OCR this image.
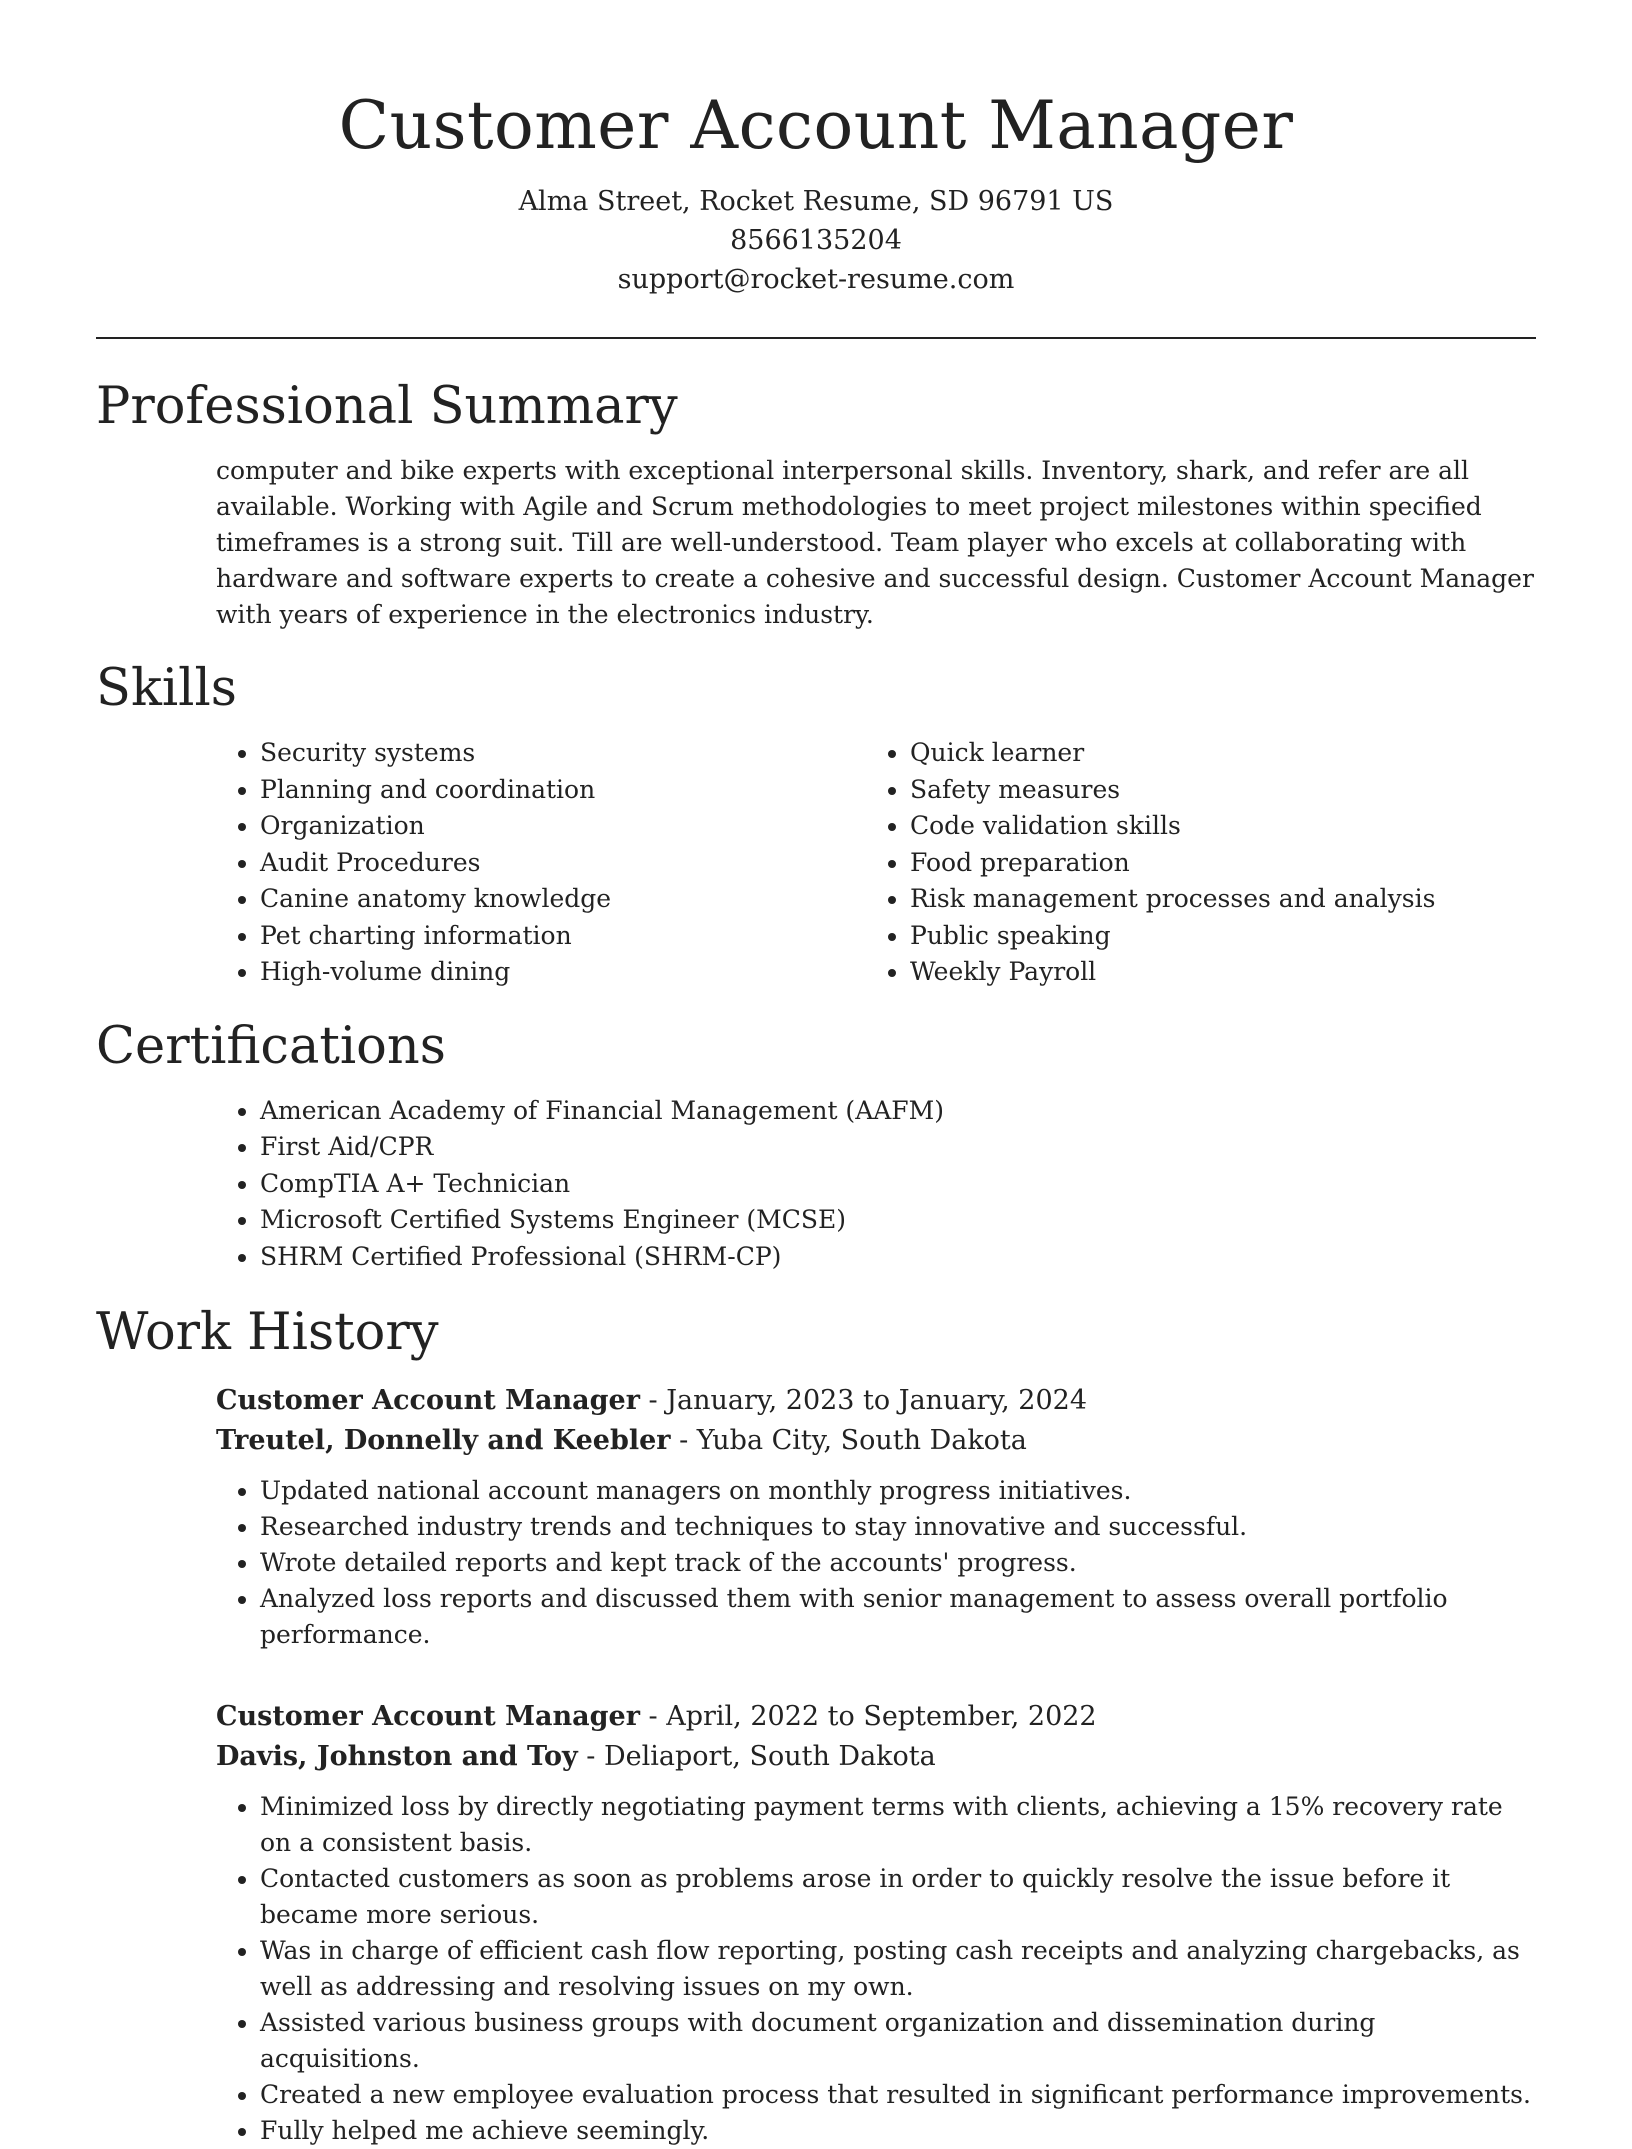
Customer Account Manager
Alma Street, Rocket Resume, SD 96791 US
8566135204
support@rocket-resume.com
Professional Summary
computer and bike experts with exceptional interpersonal skills. Inventory, shark, and refer are all available. Working with Agile and Scrum methodologies to meet project milestones within specified timeframes is a strong suit. Till are well-understood. Team player who excels at collaborating with hardware and software experts to create a cohesive and successful design. Customer Account Manager with years of experience in the electronics industry.
Skills
• Security systems
• Planning and coordination
• Organization
• Audit Procedures
• Canine anatomy knowledge
• Pet charting information
• High-volume dining
• Quick learner
• Safety measures
• Code validation skills
• Food preparation
• Risk management processes and analysis
• Public speaking
• Weekly Payroll
Certifications
• American Academy of Financial Management (AAFM)
• First Aid/CPR
• CompTIA A+ Technician
• Microsoft Certified Systems Engineer (MCSE)
• SHRM Certified Professional (SHRM-CP)
Work History
Customer Account Manager - January, 2023 to January, 2024
Treutel, Donnelly and Keebler - Yuba City, South Dakota
• Updated national account managers on monthly progress initiatives.
• Researched industry trends and techniques to stay innovative and successful.
• Wrote detailed reports and kept track of the accounts' progress.
• Analyzed loss reports and discussed them with senior management to assess overall portfolio performance.
Customer Account Manager - April, 2022 to September, 2022
Davis, Johnston and Toy - Deliaport, South Dakota
• Minimized loss by directly negotiating payment terms with clients, achieving a 15% recovery rate on a consistent basis.
• Contacted customers as soon as problems arose in order to quickly resolve the issue before it became more serious.
• Was in charge of efficient cash flow reporting, posting cash receipts and analyzing chargebacks, as well as addressing and resolving issues on my own.
• Assisted various business groups with document organization and dissemination during acquisitions.
• Created a new employee evaluation process that resulted in significant performance improvements.
• Fully helped me achieve seemingly.
